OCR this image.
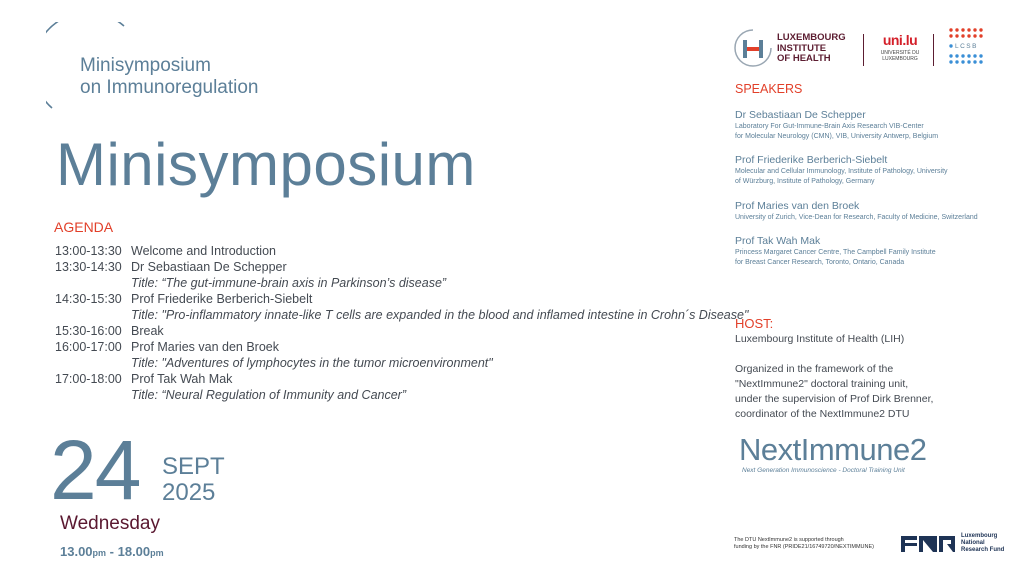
Minisymposium
on Immunoregulation
Minisymposium
AGENDA
13:00-13:30 Welcome and Introduction
13:30-14:30 Dr Sebastiaan De Schepper
Title: “The gut-immune-brain axis in Parkinson’s disease”
14:30-15:30 Prof Friederike Berberich-Siebelt
Title: "Pro-inflammatory innate-like T cells are expanded in the blood and inflamed intestine in Crohn´s Disease"
15:30-16:00 Break
16:00-17:00 Prof Maries van den Broek
Title: "Adventures of lymphocytes in the tumor microenvironment"
17:00-18:00 Prof Tak Wah Mak
Title: “Neural Regulation of Immunity and Cancer”
24 SEPT
2025
Wednesday
13.00pm - 18.00pm
LUXEMBOURG
INSTITUTE
OF HEALTH
uni.lu
UNIVERSITÉ DU
LUXEMBOURG
LCSB
SPEAKERS
Dr Sebastiaan De Schepper
Laboratory For Gut-Immune-Brain Axis Research VIB-Center
for Molecular Neurology (CMN), VIB, University Antwerp, Belgium
Prof Friederike Berberich-Siebelt
Molecular and Cellular Immunology, Institute of Pathology, University
of Würzburg, Institute of Pathology, Germany
Prof Maries van den Broek
University of Zurich, Vice-Dean for Research, Faculty of Medicine, Switzerland
Prof Tak Wah Mak
Princess Margaret Cancer Centre, The Campbell Family Institute
for Breast Cancer Research, Toronto, Ontario, Canada
HOST:
Luxembourg Institute of Health (LIH)
Organized in the framework of the
"NextImmune2" doctoral training unit,
under the supervision of Prof Dirk Brenner,
coordinator of the NextImmune2 DTU
NextImmune2
Next Generation Immunoscience - Doctoral Training Unit
The DTU NextImmune2 is supported through
funding by the FNR (PRIDE21/16749720/NEXTIMMUNE)
Luxembourg
National
Research Fund
